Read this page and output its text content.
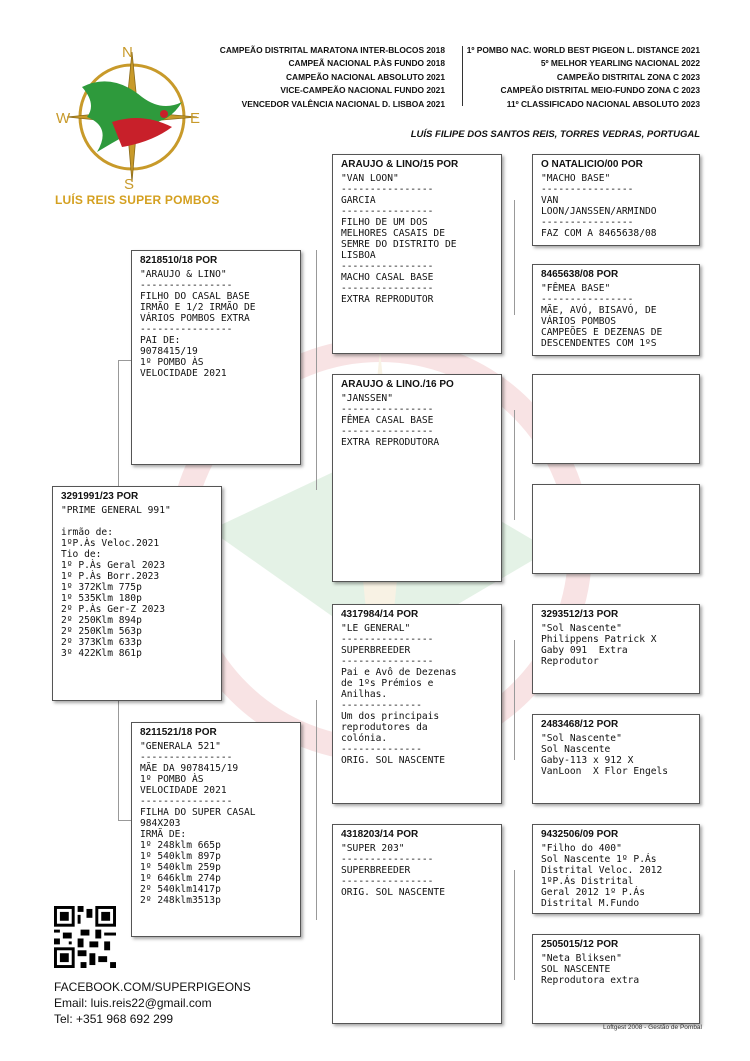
N
S
W	E
LUÍS REIS SUPER POMBOS
CAMPEÃO DISTRITAL MARATONA INTER-BLOCOS 2018
CAMPEÃ NACIONAL P.ÀS FUNDO 2018
CAMPEÃO NACIONAL ABSOLUTO 2021
VICE-CAMPEÃO NACIONAL FUNDO 2021
VENCEDOR VALÊNCIA NACIONAL D. LISBOA 2021
1º POMBO NAC. WORLD BEST PIGEON L. DISTANCE 2021
5º MELHOR YEARLING NACIONAL 2022
CAMPEÃO DISTRITAL ZONA C 2023
CAMPEÃO DISTRITAL MEIO-FUNDO ZONA C 2023
11º CLASSIFICADO NACIONAL ABSOLUTO 2023
LUÍS FILIPE DOS SANTOS REIS, TORRES VEDRAS, PORTUGAL
3291991/23 POR
"PRIME GENERAL 991"

irmão de:
1ºP.Às Veloc.2021
Tio de:
1º P.Às Geral 2023
1º P.Às Borr.2023
1º 372Klm 775p
1º 535Klm 180p
2º P.Às Ger-Z 2023
2º 250Klm 894p
2º 250Klm 563p
2º 373Klm 633p
3º 422Klm 861p
8218510/18 POR
"ARAUJO & LINO"
----------------
FILHO DO CASAL BASE
IRMÃO E 1/2 IRMÃO DE
VÁRIOS POMBOS EXTRA
----------------
PAI DE:
9078415/19
1º POMBO ÀS
VELOCIDADE 2021
8211521/18 POR
"GENERALA 521"
----------------
MÃE DA 9078415/19
1º POMBO ÀS
VELOCIDADE 2021
----------------
FILHA DO SUPER CASAL
984X203
IRMÃ DE:
1º 248klm 665p
1º 540klm 897p
1º 540klm 259p
1º 646klm 274p
2º 540klm1417p
2º 248klm3513p
ARAUJO & LINO/15 POR
"VAN LOON"
----------------
GARCIA
----------------
FILHO DE UM DOS
MELHORES CASAIS DE
SEMRE DO DISTRITO DE
LISBOA
----------------
MACHO CASAL BASE
----------------
EXTRA REPRODUTOR
ARAUJO & LINO./16 PO
"JANSSEN"
----------------
FÊMEA CASAL BASE
----------------
EXTRA REPRODUTORA
4317984/14 POR
"LE GENERAL"
----------------
SUPERBREEDER
----------------
Pai e Avô de Dezenas
de 1ºs Prémios e
Anilhas.
--------------
Um dos principais
reprodutores da
colónia.
--------------
ORIG. SOL NASCENTE
4318203/14 POR
"SUPER 203"
----------------
SUPERBREEDER
----------------
ORIG. SOL NASCENTE
O NATALICIO/00 POR
"MACHO BASE"
----------------
VAN
LOON/JANSSEN/ARMINDO
----------------
FAZ COM A 8465638/08
8465638/08 POR
"FÊMEA BASE"
----------------
MÃE, AVÓ, BISAVÓ, DE
VÁRIOS POMBOS
CAMPEÕES E DEZENAS DE
DESCENDENTES COM 1ºS
3293512/13 POR
"Sol Nascente"
Philippens Patrick X
Gaby 091  Extra
Reprodutor
2483468/12 POR
"Sol Nascente"
Sol Nascente
Gaby-113 x 912 X
VanLoon  X Flor Engels
9432506/09 POR
"Filho do 400"
Sol Nascente 1º P.Ás
Distrital Veloc. 2012
1ºP.Ás Distrital
Geral 2012 1º P.Ás
Distrital M.Fundo
2505015/12 POR
"Neta Bliksen"
SOL NASCENTE
Reprodutora extra
FACEBOOK.COM/SUPERPIGEONS
Email: luis.reis22@gmail.com
Tel: +351 968 692 299
Loftgest 2008 - Gestão de Pombal
